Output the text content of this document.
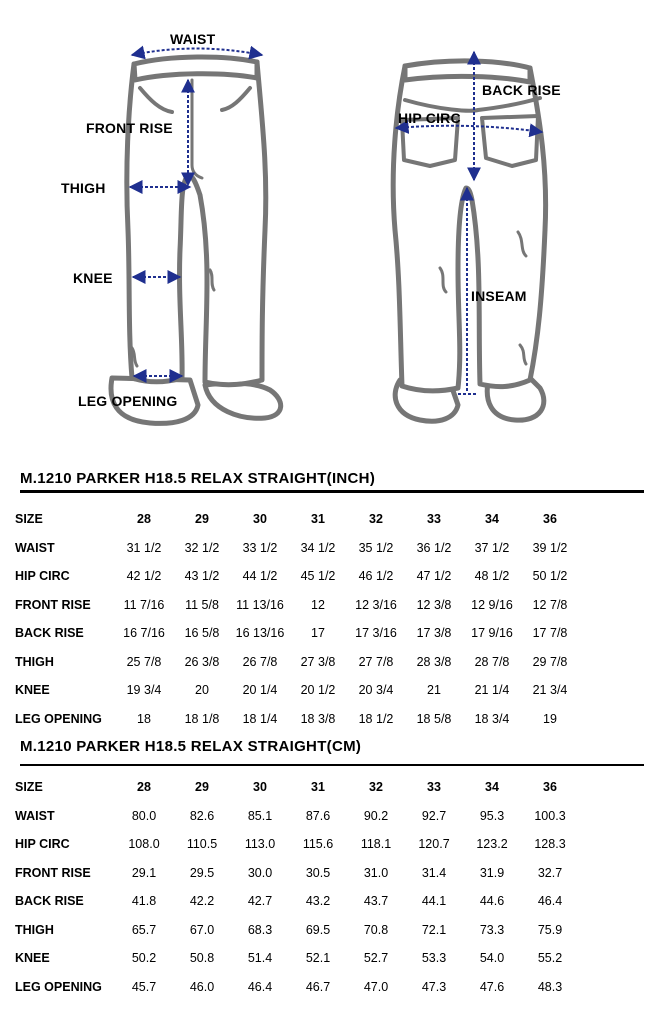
WAIST
FRONT RISE
THIGH
KNEE
LEG OPENING
BACK RISE
HIP CIRC
INSEAM
M.1210 PARKER H18.5 RELAX STRAIGHT(INCH)
SIZE	28	29	30	31	32	33	34	36
WAIST	31 1/2	32 1/2	33 1/2	34 1/2	35 1/2	36 1/2	37 1/2	39 1/2
HIP CIRC	42 1/2	43 1/2	44 1/2	45 1/2	46 1/2	47 1/2	48 1/2	50 1/2
FRONT RISE	11 7/16	11 5/8	11 13/16	12	12 3/16	12 3/8	12 9/16	12 7/8
BACK RISE	16 7/16	16 5/8	16 13/16	17	17 3/16	17 3/8	17 9/16	17 7/8
THIGH	25 7/8	26 3/8	26 7/8	27 3/8	27 7/8	28 3/8	28 7/8	29 7/8
KNEE	19 3/4	20	20 1/4	20 1/2	20 3/4	21	21 1/4	21 3/4
LEG OPENING	18	18 1/8	18 1/4	18 3/8	18 1/2	18 5/8	18 3/4	19
M.1210 PARKER H18.5 RELAX STRAIGHT(CM)
SIZE	28	29	30	31	32	33	34	36
WAIST	80.0	82.6	85.1	87.6	90.2	92.7	95.3	100.3
HIP CIRC	108.0	110.5	113.0	115.6	118.1	120.7	123.2	128.3
FRONT RISE	29.1	29.5	30.0	30.5	31.0	31.4	31.9	32.7
BACK RISE	41.8	42.2	42.7	43.2	43.7	44.1	44.6	46.4
THIGH	65.7	67.0	68.3	69.5	70.8	72.1	73.3	75.9
KNEE	50.2	50.8	51.4	52.1	52.7	53.3	54.0	55.2
LEG OPENING	45.7	46.0	46.4	46.7	47.0	47.3	47.6	48.3
